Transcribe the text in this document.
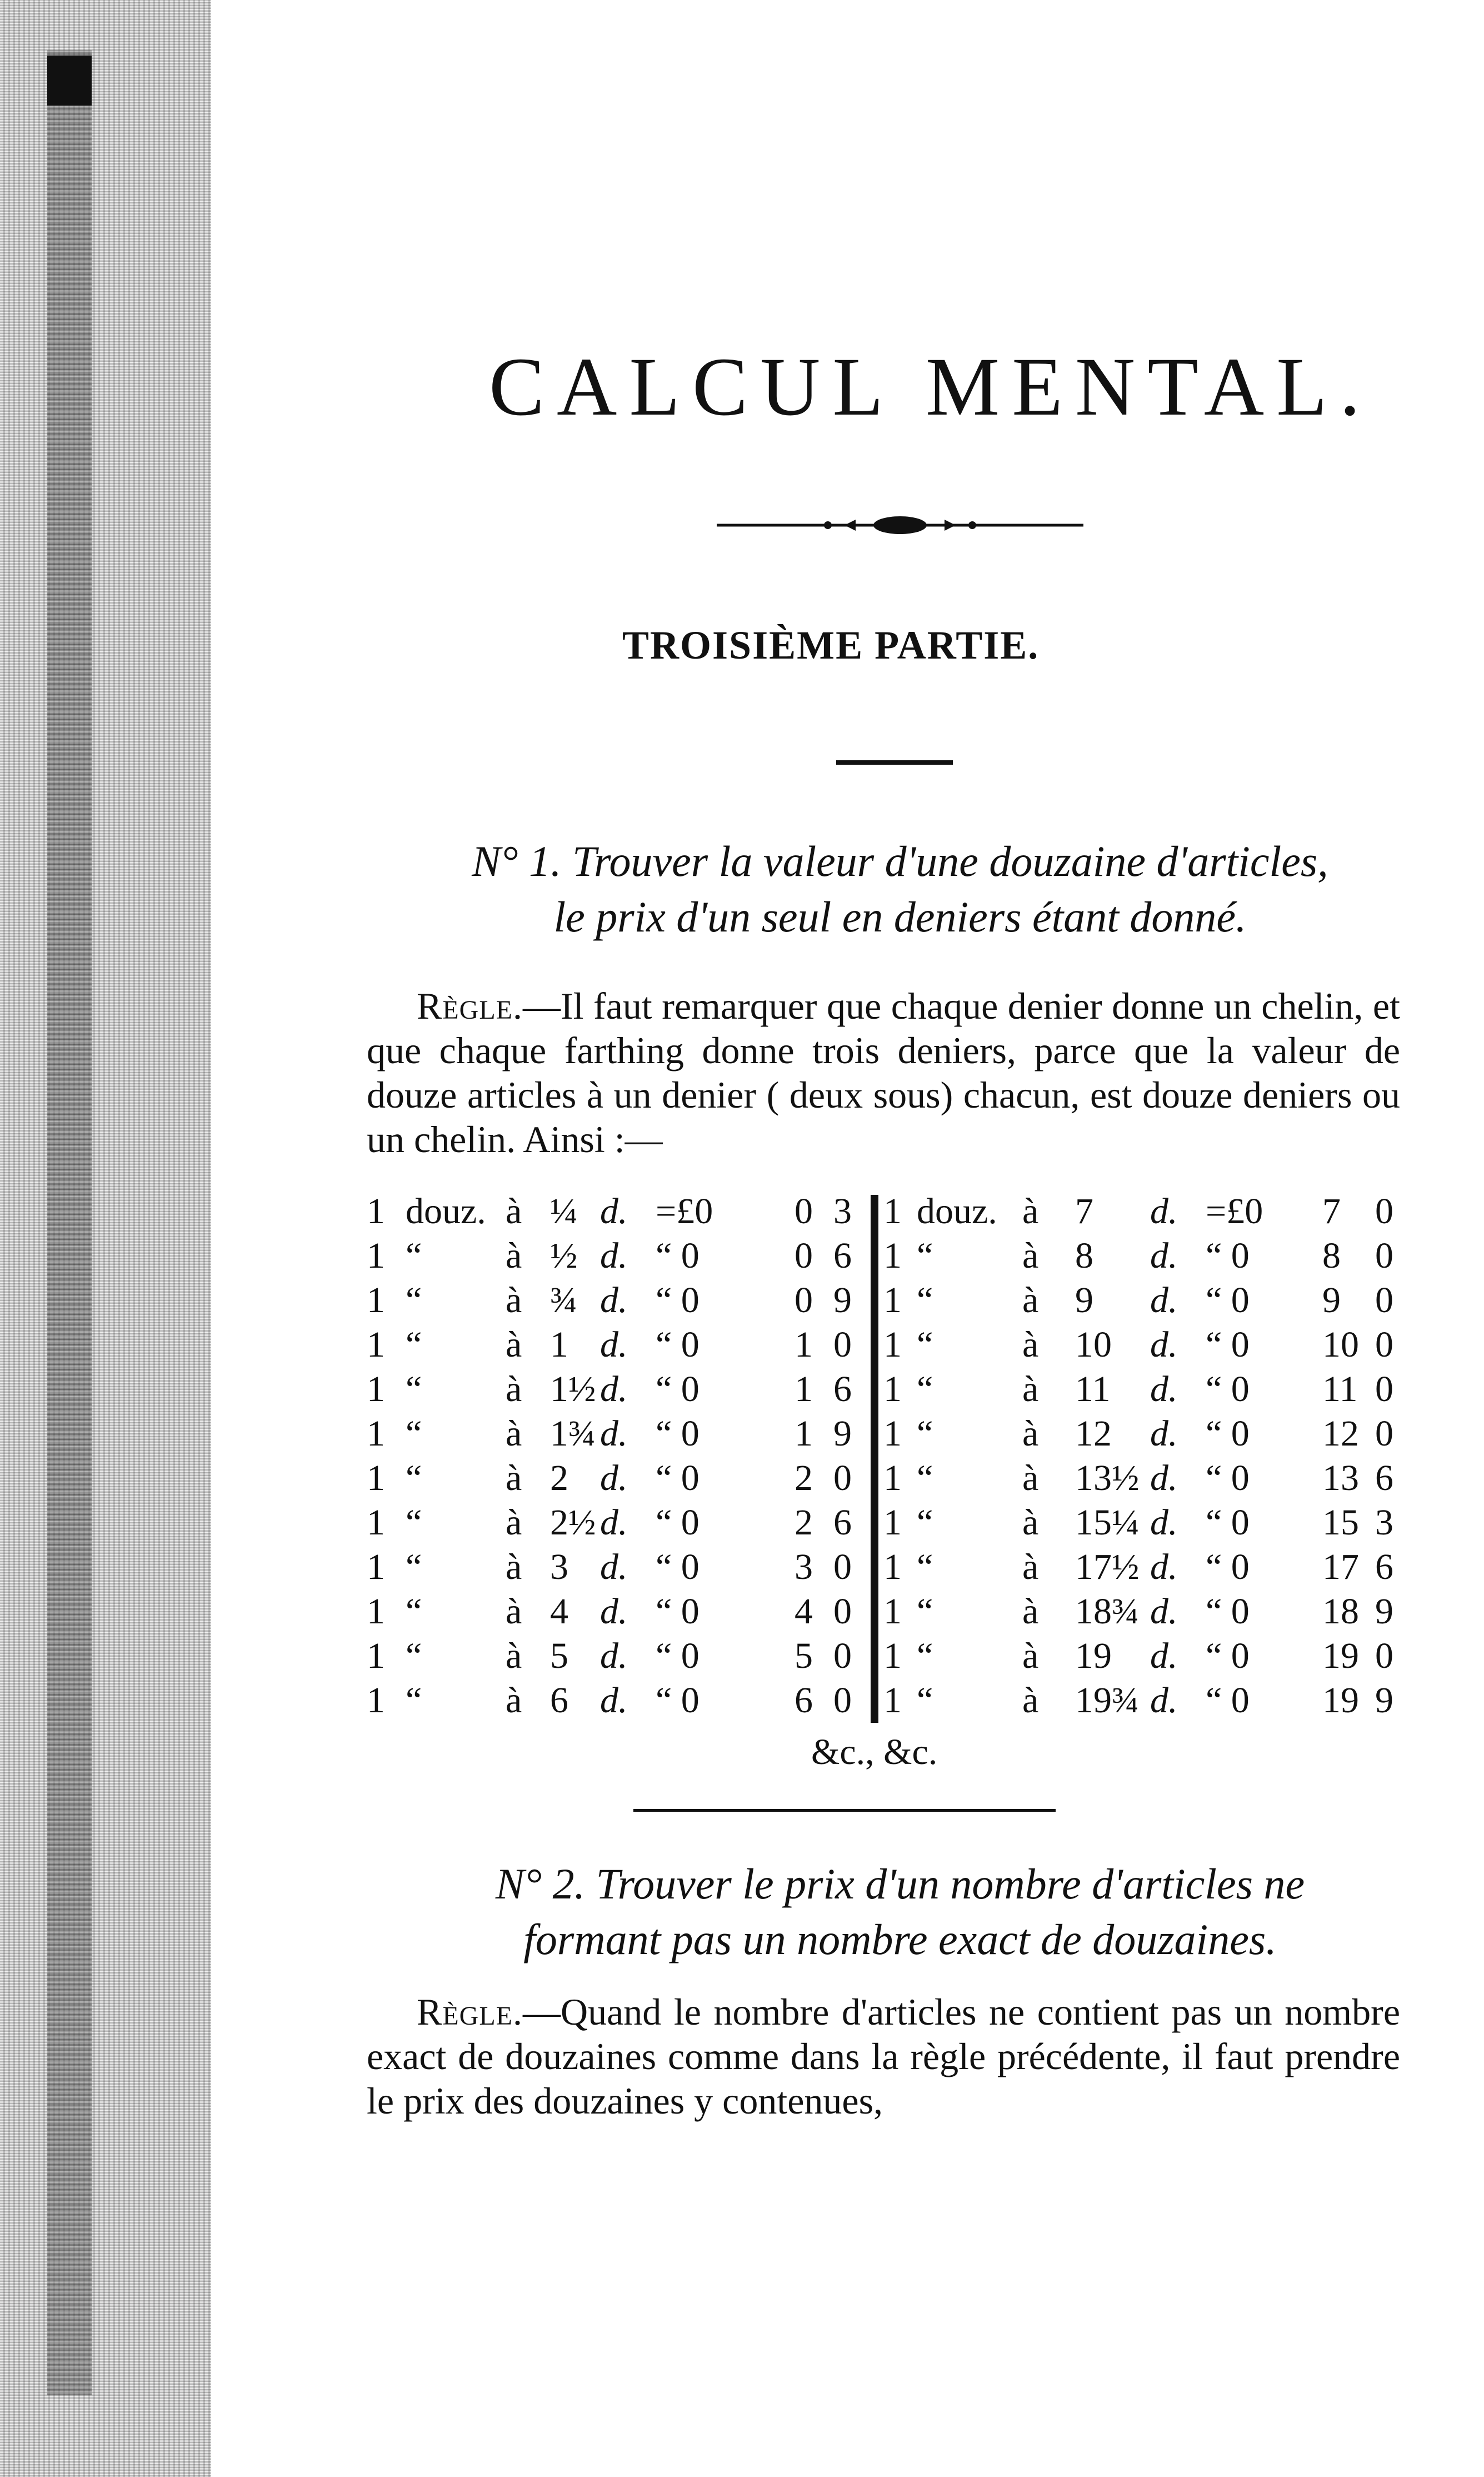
CALCUL MENTAL.
TROISIÈME PARTIE.
N° 1. Trouver la valeur d'une douzaine d'articles,
le prix d'un seul en deniers étant donné.

Règle.—Il faut remarquer que chaque denier donne un chelin, et que chaque farthing donne trois deniers, parce que la valeur de douze articles à un denier ( deux sous) chacun, est douze deniers ou un chelin. Ainsi :—

1 douz. à ¼ d. =£0 0 3
1 “ à ½ d. “ 0	0 6
1 “ à ¾ d. “ 0	0 9
1 “ à 1 d. “ 0	1 0
1 “ à 1½ d. “ 0	1 6
1 “ à 1¾ d. “ 0	1 9
1 “ à 2 d. “ 0	2 0
1 “ à 2½ d. “ 0	2 6
1 “ à 3 d. “ 0	3 0
1 “ à 4 d. “ 0	4 0
1 “ à 5 d. “ 0	5 0
1 “ à 6 d. “ 0	6 0
1 douz. à 7 d. =£0 7 0
1 “ à 8 d. “ 0 8 0
1 “ à 9 d. “ 0 9 0
1 “ à 10 d. “ 0 10 0
1 “ à 11 d. “ 0 11 0
1 “ à 12 d. “ 0 12 0
1 “ à 13½ d. “ 0 13 6
1 “ à 15¼ d. “ 0 15 3
1 “ à 17½ d. “ 0 17 6
1 “ à 18¾ d. “ 0 18 9
1 “ à 19 d. “ 0 19 0
1 “ à 19¾ d. “ 0 19 9
&c., &c.
N° 2. Trouver le prix d'un nombre d'articles ne
formant pas un nombre exact de douzaines.

Règle.—Quand le nombre d'articles ne contient pas un nombre exact de douzaines comme dans la règle précédente, il faut prendre le prix des douzaines y contenues,
